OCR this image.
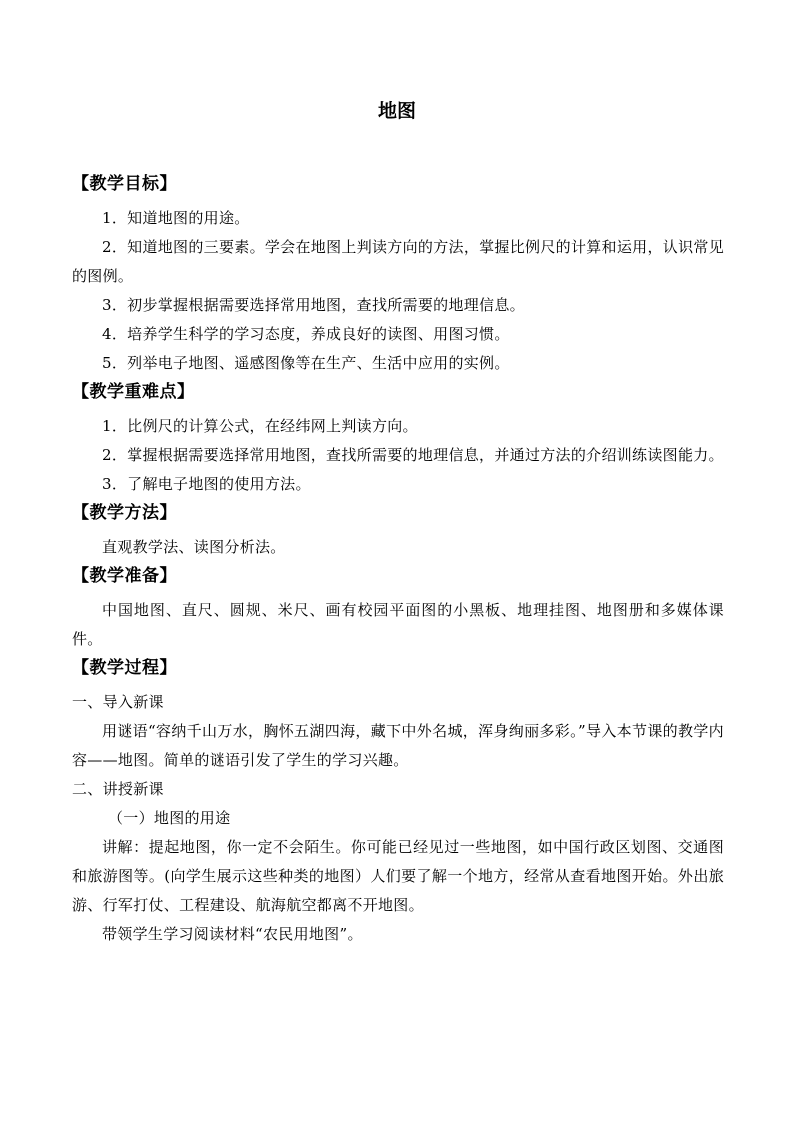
地图
【教学目标】

1．知道地图的用途。

2．知道地图的三要素。学会在地图上判读方向的方法，掌握比例尺的计算和运用，认识常见的图例。

3．初步掌握根据需要选择常用地图，查找所需要的地理信息。

4．培养学生科学的学习态度，养成良好的读图、用图习惯。

5．列举电子地图、遥感图像等在生产、生活中应用的实例。

【教学重难点】

1．比例尺的计算公式，在经纬网上判读方向。

2．掌握根据需要选择常用地图，查找所需要的地理信息，并通过方法的介绍训练读图能力。

3．了解电子地图的使用方法。

【教学方法】

直观教学法、读图分析法。

【教学准备】

中国地图、直尺、圆规、米尺、画有校园平面图的小黑板、地理挂图、地图册和多媒体课件。

【教学过程】

一、导入新课

用谜语“容纳千山万水，胸怀五湖四海，藏下中外名城，浑身绚丽多彩。”导入本节课的教学内容——地图。简单的谜语引发了学生的学习兴趣。

二、讲授新课

（一）地图的用途

讲解：提起地图，你一定不会陌生。你可能已经见过一些地图，如中国行政区划图、交通图和旅游图等。(向学生展示这些种类的地图）人们要了解一个地方，经常从查看地图开始。外出旅游、行军打仗、工程建设、航海航空都离不开地图。

带领学生学习阅读材料“农民用地图”。
